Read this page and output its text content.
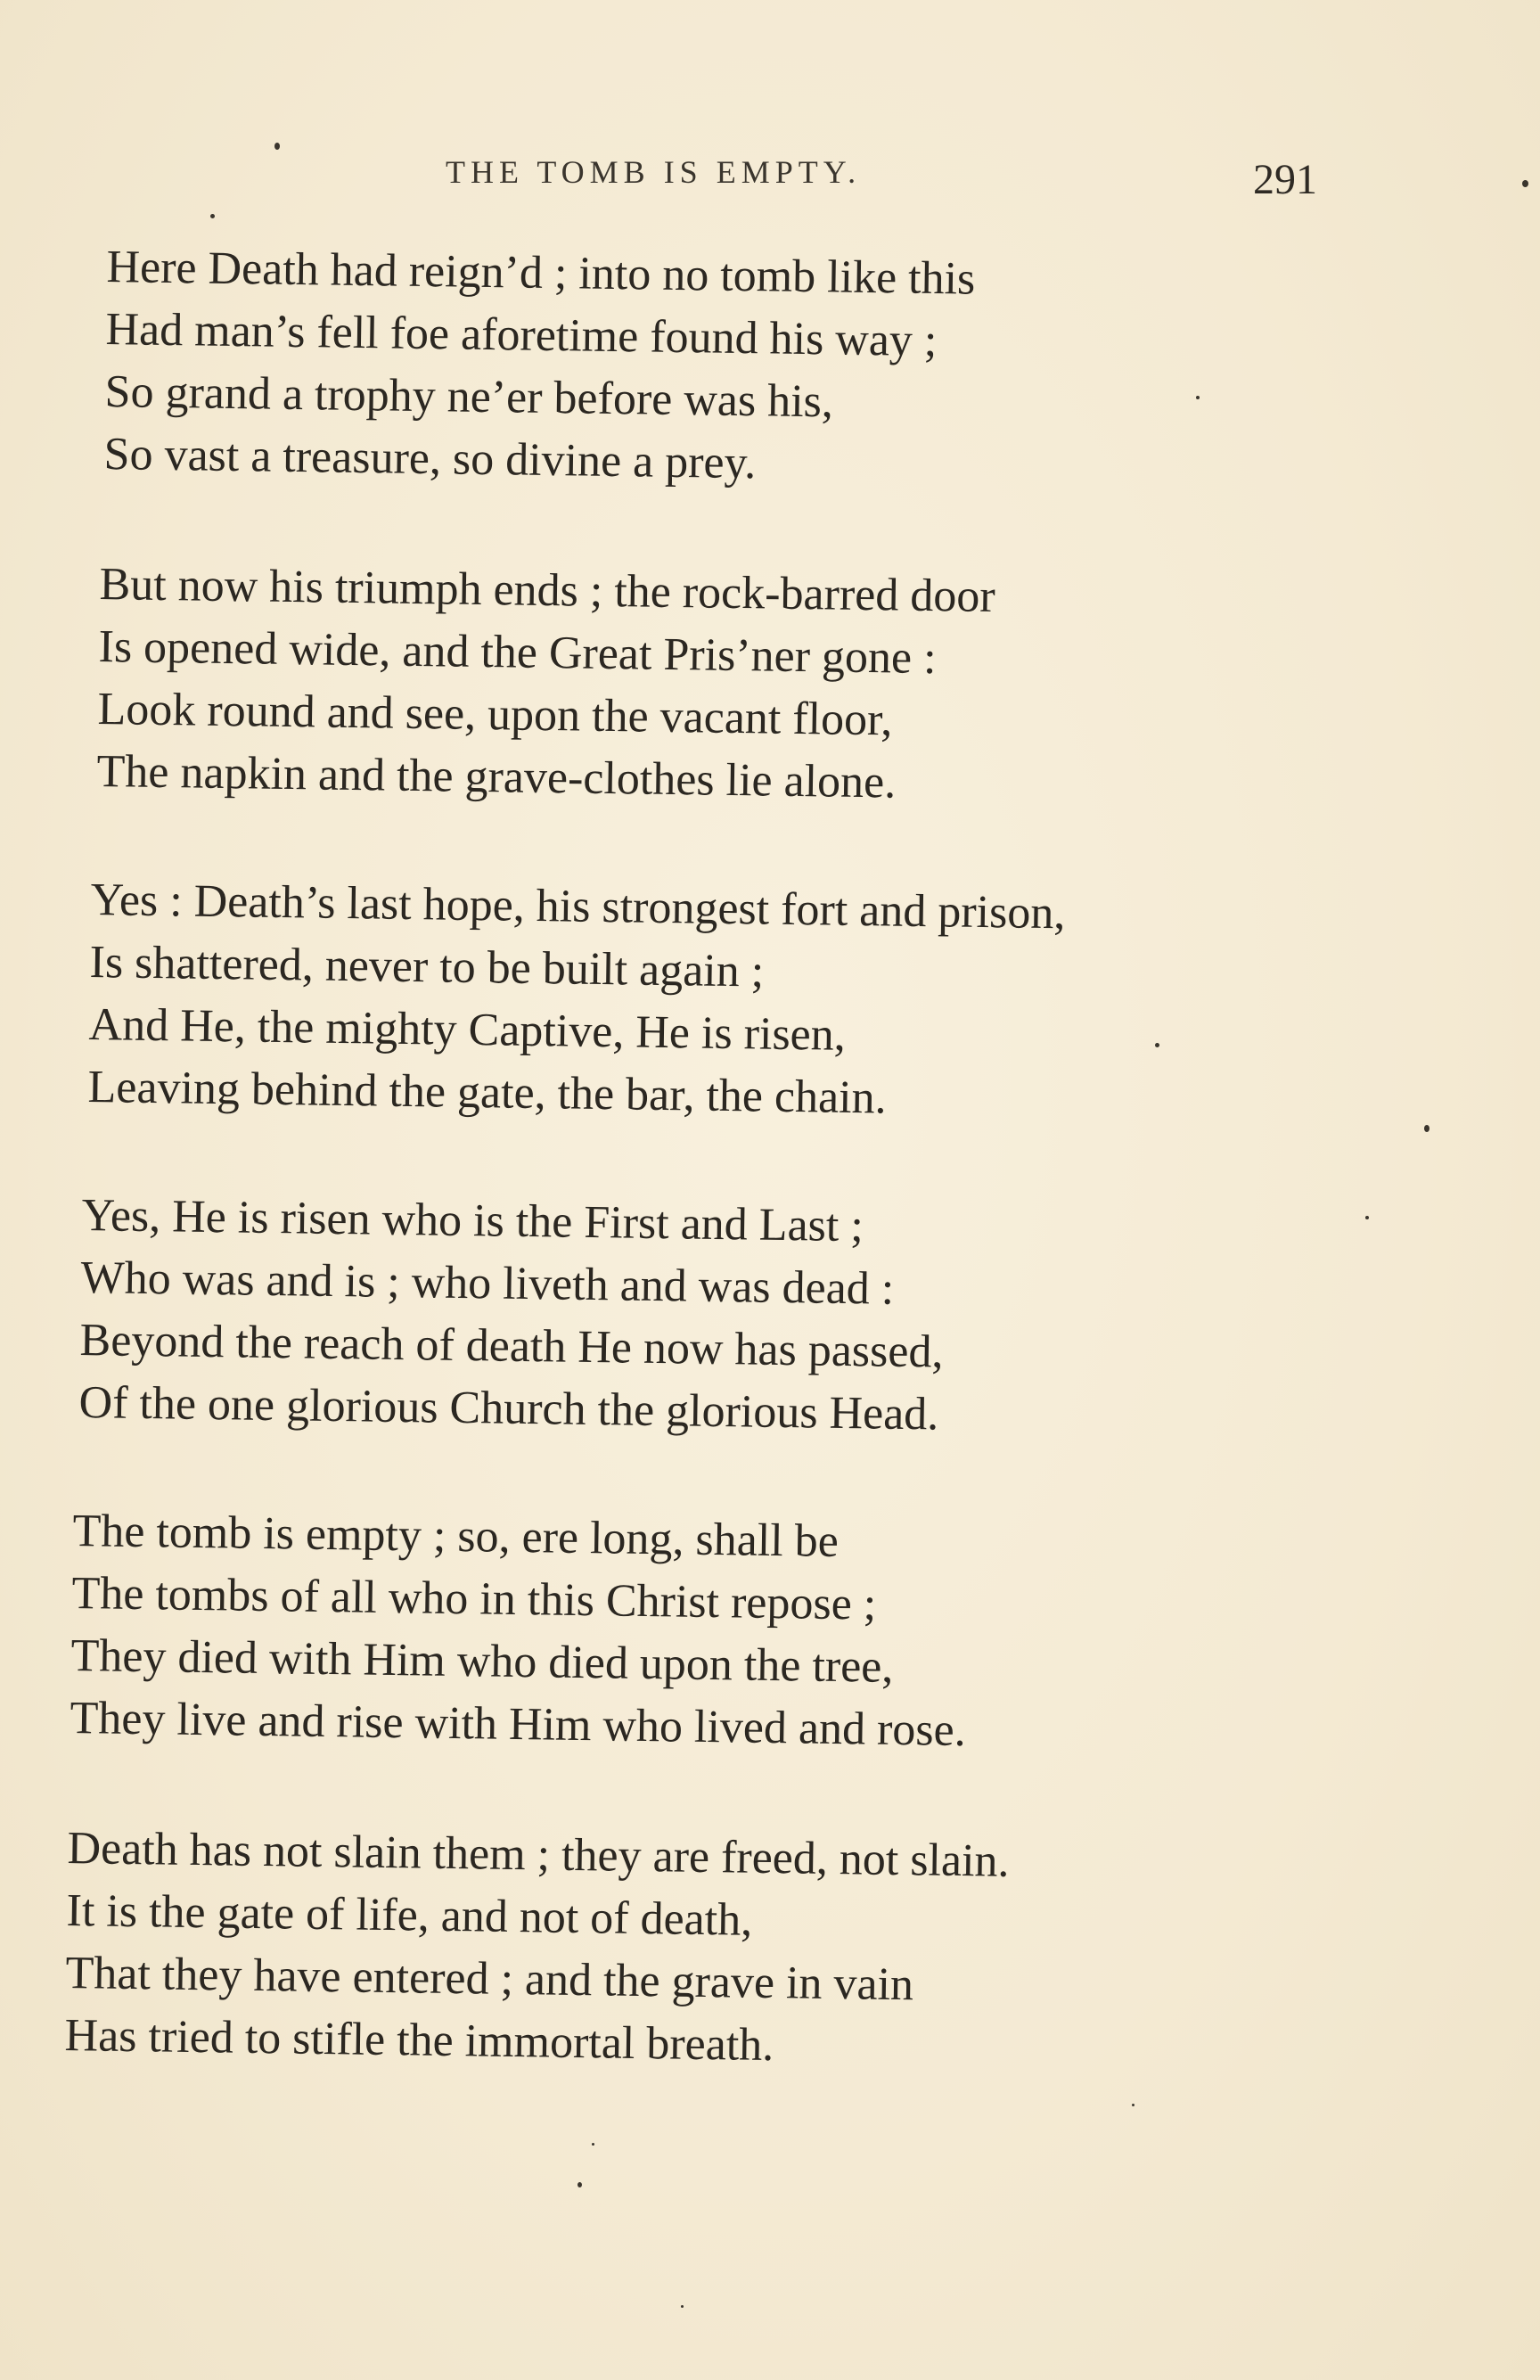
THE TOMB IS EMPTY.	291
Here Death had reign’d ; into no tomb like this
Had man’s fell foe aforetime found his way ;
So grand a trophy ne’er before was his,
So vast a treasure, so divine a prey.
But now his triumph ends ; the rock-barred door
Is opened wide, and the Great Pris’ner gone :
Look round and see, upon the vacant floor,
The napkin and the grave-clothes lie alone.
Yes : Death’s last hope, his strongest fort and prison,
Is shattered, never to be built again ;
And He, the mighty Captive, He is risen,
Leaving behind the gate, the bar, the chain.
Yes, He is risen who is the First and Last ;
Who was and is ; who liveth and was dead :
Beyond the reach of death He now has passed,
Of the one glorious Church the glorious Head.
The tomb is empty ; so, ere long, shall be
The tombs of all who in this Christ repose ;
They died with Him who died upon the tree,
They live and rise with Him who lived and rose.
Death has not slain them ; they are freed, not slain.
It is the gate of life, and not of death,
That they have entered ; and the grave in vain
Has tried to stifle the immortal breath.
